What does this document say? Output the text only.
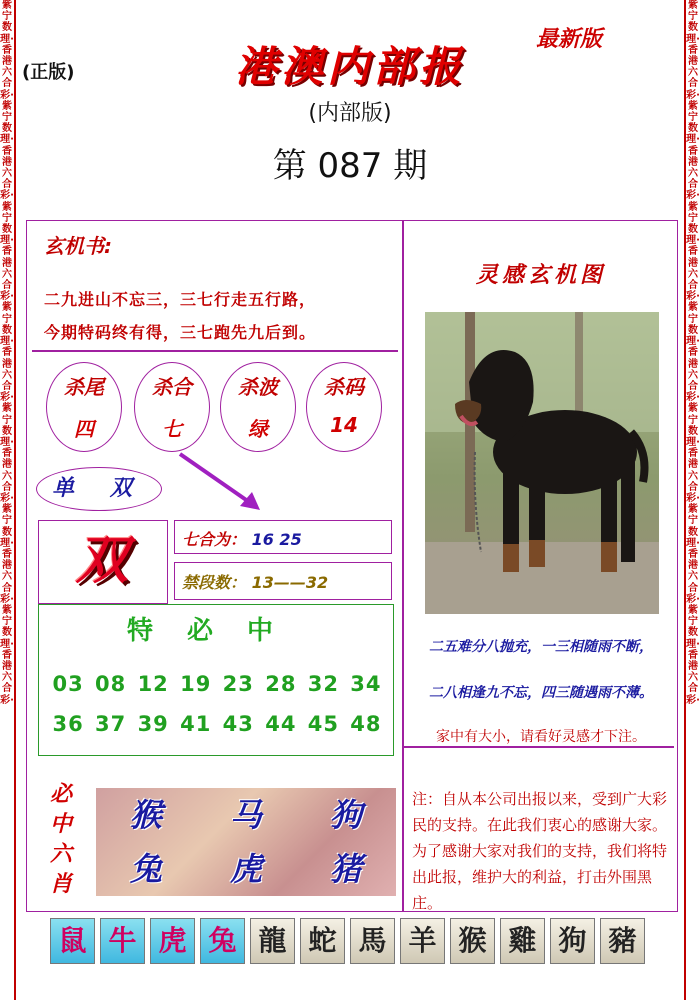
紫宁数理·香港六合彩·紫宁数理·香港六合彩·紫宁数理·香港六合彩·紫宁数理·香港六合彩·紫宁数理·香港六合彩·紫宁数理·香港六合彩·紫宁数理·香港六合彩·
紫宁数理·香港六合彩·紫宁数理·香港六合彩·紫宁数理·香港六合彩·紫宁数理·香港六合彩·紫宁数理·香港六合彩·紫宁数理·香港六合彩·紫宁数理·香港六合彩·
(正版)
最新版
港澳内部报
(内部版)
第 087 期
玄机书:
二九进山不忘三，三七行走五行路，
今期特码终有得，三七跑先九后到。
杀尾
四
杀合
七
杀波
绿
杀码
14
单 双
双	七合为： 16 25
禁段数： 13——32
特必中
03 08 12 19 23 28 32 34
36 37 39 41 43 44 45 48
必
中
六
肖
猴	马	狗
兔	虎	猪
灵感玄机图
二五难分八抛充，一三相随雨不断，
二八相逢九不忘，四三随遇雨不薄。
家中有大小，请看好灵感才下注。
注：自从本公司出报以来，受到广大彩民的支持。在此我们衷心的感谢大家。为了感谢大家对我们的支持，我们将特出此报，维护大的利益，打击外围黑庄。
鼠 牛 虎 兔 龍 蛇 馬 羊 猴 雞 狗 豬
